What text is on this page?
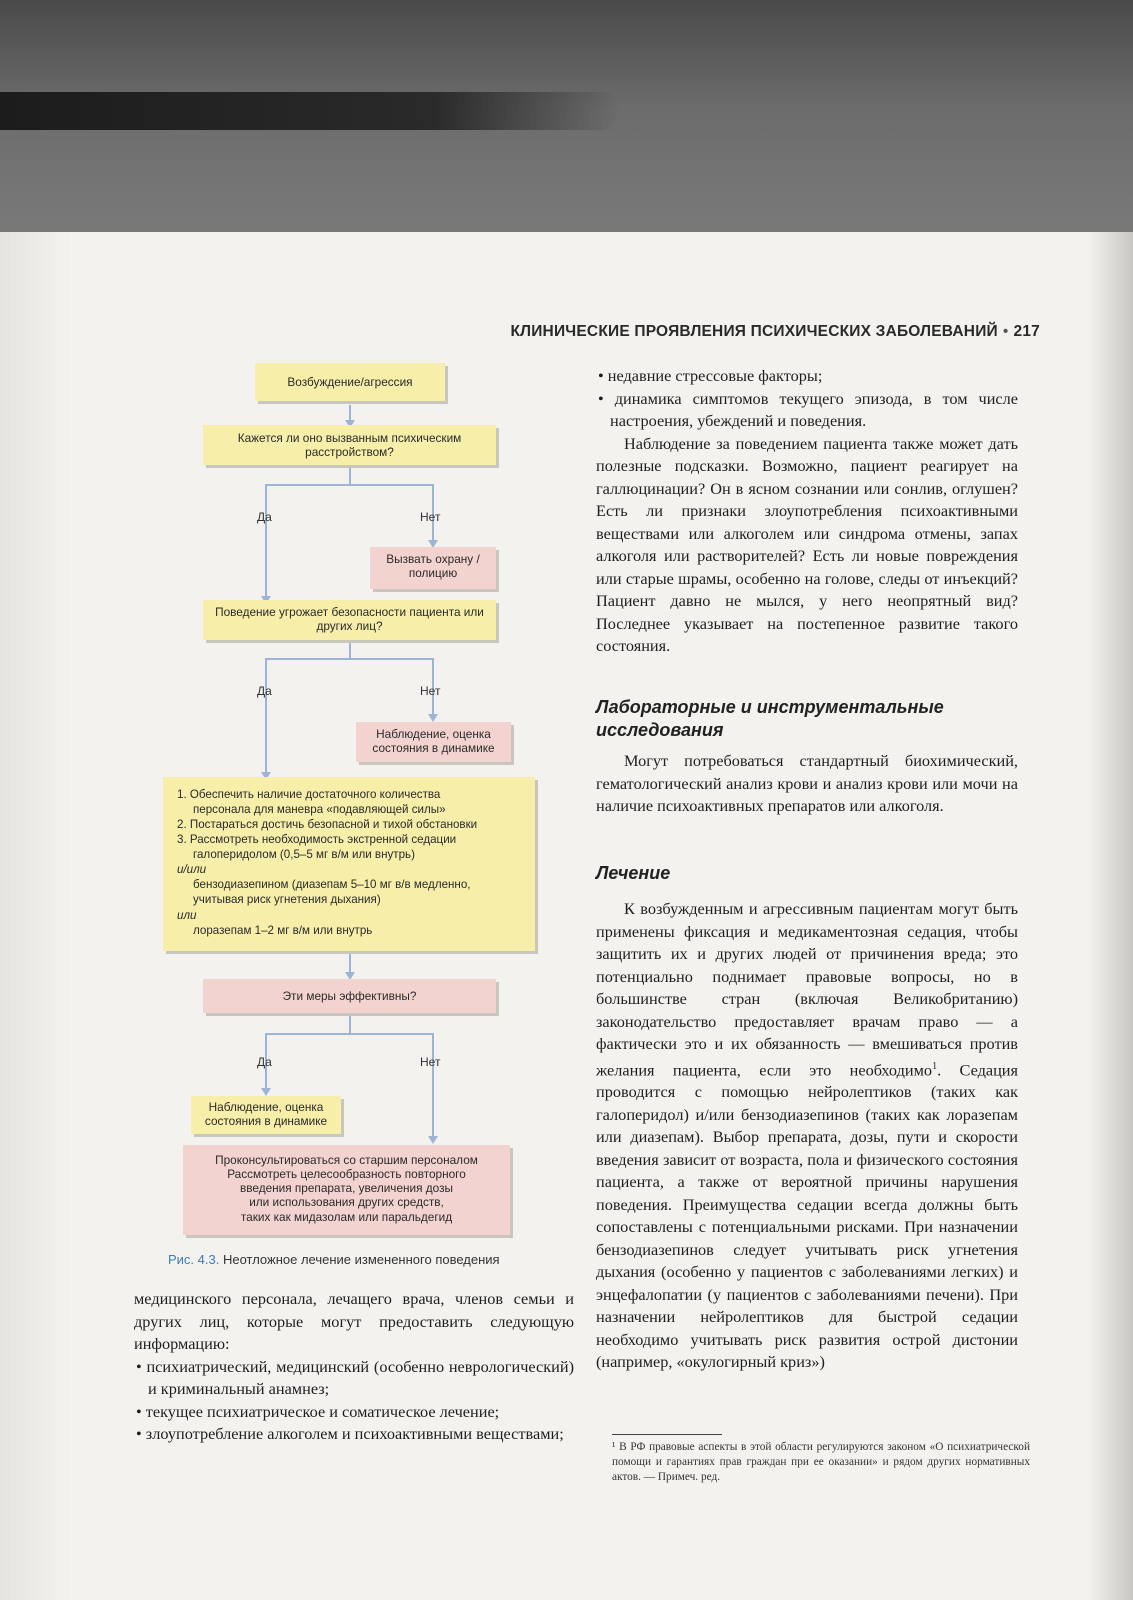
КЛИНИЧЕСКИЕ ПРОЯВЛЕНИЯ ПСИХИЧЕСКИХ ЗАБОЛЕВАНИЙ • 217
Возбуждение/агрессия
Кажется ли оно вызванным психическим расстройством?
Да	Нет
Вызвать охрану / полицию
Поведение угрожает безопасности пациента или других лиц?
Да	Нет
Наблюдение, оценка состояния в динамике
1. Обеспечить наличие достаточного количества
персонала для маневра «подавляющей силы»
2. Постараться достичь безопасной и тихой обстановки
3. Рассмотреть необходимость экстренной седации
галоперидолом (0,5–5 мг в/м или внутрь)
и/или
бензодиазепином (диазепам 5–10 мг в/в медленно,
учитывая риск угнетения дыхания)
или
лоразепам 1–2 мг в/м или внутрь
Эти меры эффективны?
Да	Нет
Наблюдение, оценка состояния в динамике
Проконсультироваться со старшим персоналом
Рассмотреть целесообразность повторного
введения препарата, увеличения дозы
или использования других средств,
таких как мидазолам или паральдегид
Рис. 4.3. Неотложное лечение измененного поведения

медицинского персонала, лечащего врача, членов семьи и других лиц, которые могут предоставить следующую информацию:

• психиатрический, медицинский (особенно неврологический) и криминальный анамнез;

• текущее психиатрическое и соматическое лечение;

• злоупотребление алкоголем и психоактивными веществами;

• недавние стрессовые факторы;

• динамика симптомов текущего эпизода, в том числе настроения, убеждений и поведения.

Наблюдение за поведением пациента также может дать полезные подсказки. Возможно, пациент реагирует на галлюцинации? Он в ясном сознании или сонлив, оглушен? Есть ли признаки злоупотребления психоактивными веществами или алкоголем или синдрома отмены, запах алкоголя или растворителей? Есть ли новые повреждения или старые шрамы, особенно на голове, следы от инъекций? Пациент давно не мылся, у него неопрятный вид? Последнее указывает на постепенное развитие такого состояния.

Лабораторные и инструментальные исследования

Могут потребоваться стандартный биохимический, гематологический анализ крови и анализ крови или мочи на наличие психоактивных препаратов или алкоголя.

Лечение

К возбужденным и агрессивным пациентам могут быть применены фиксация и медикаментозная седация, чтобы защитить их и других людей от причинения вреда; это потенциально поднимает правовые вопросы, но в большинстве стран (включая Великобританию) законодательство предоставляет врачам право — а фактически это и их обязанность — вмешиваться против желания пациента, если это необходимо$^1$. Седация проводится с помощью нейролептиков (таких как галоперидол) и/или бензодиазепинов (таких как лоразепам или диазепам). Выбор препарата, дозы, пути и скорости введения зависит от возраста, пола и физического состояния пациента, а также от вероятной причины нарушения поведения. Преимущества седации всегда должны быть сопоставлены с потенциальными рисками. При назначении бензодиазепинов следует учитывать риск угнетения дыхания (особенно у пациентов с заболеваниями легких) и энцефалопатии (у пациентов с заболеваниями печени). При назначении нейролептиков для быстрой седации необходимо учитывать риск развития острой дистонии (например, «окулогирный криз»)

¹ В РФ правовые аспекты в этой области регулируются законом «О психиатрической помощи и гарантиях прав граждан при ее оказании» и рядом других нормативных актов. — Примеч. ред.
